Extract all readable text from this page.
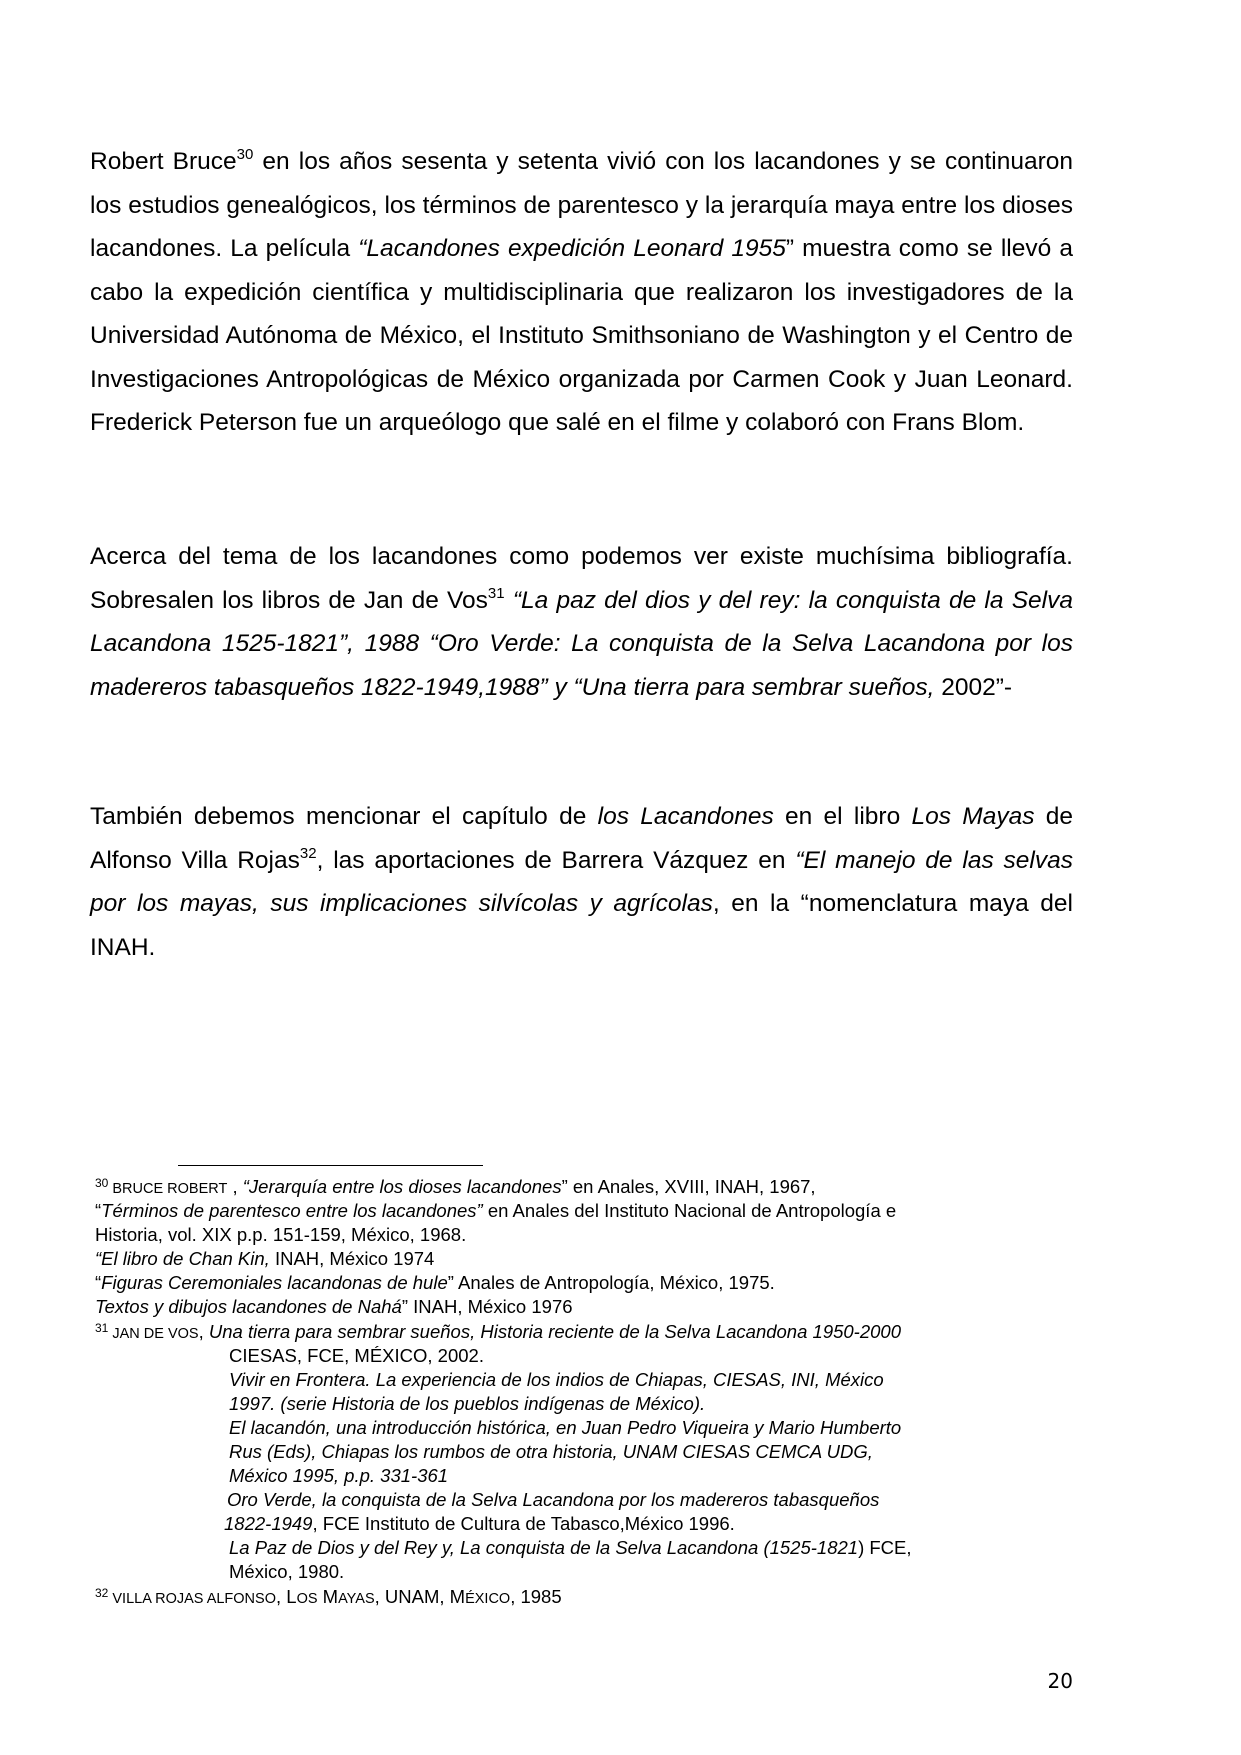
Robert Bruce$^{30}$ en los años sesenta y setenta vivió con los lacandones y se continuaron los estudios genealógicos, los términos de parentesco y la jerarquía maya entre los dioses lacandones. La película “Lacandones expedición Leonard 1955” muestra como se llevó a cabo la expedición científica y multidisciplinaria que realizaron los investigadores de la Universidad Autónoma de México, el Instituto Smithsoniano de Washington y el Centro de Investigaciones Antropológicas de México organizada por Carmen Cook y Juan Leonard. Frederick Peterson fue un arqueólogo que salé en el filme y colaboró con Frans Blom.

Acerca del tema de los lacandones como podemos ver existe muchísima bibliografía. Sobresalen los libros de Jan de Vos$^{31}$ “La paz del dios y del rey: la conquista de la Selva Lacandona 1525-1821”, 1988 “Oro Verde: La conquista de la Selva Lacandona por los madereros tabasqueños 1822-1949,1988” y “Una tierra para sembrar sueños, 2002”-

También debemos mencionar el capítulo de los Lacandones en el libro Los Mayas de Alfonso Villa Rojas$^{32}$, las aportaciones de Barrera Vázquez en “El manejo de las selvas por los mayas, sus implicaciones silvícolas y agrícolas, en la “nomenclatura maya del INAH.

$^{30}$ BRUCE ROBERT , “Jerarquía entre los dioses lacandones” en Anales, XVIII, INAH, 1967,

“Términos de parentesco entre los lacandones” en Anales del Instituto Nacional de Antropología e

Historia, vol. XIX p.p. 151-159, México, 1968.

“El libro de Chan Kin, INAH, México 1974

“Figuras Ceremoniales lacandonas de hule” Anales de Antropología, México, 1975.

Textos y dibujos lacandones de Nahá” INAH, México 1976

$^{31}$ JAN DE VOS, Una tierra para sembrar sueños, Historia reciente de la Selva Lacandona 1950-2000

CIESAS, FCE, MÉXICO, 2002.

Vivir en Frontera. La experiencia de los indios de Chiapas, CIESAS, INI, México

1997. (serie Historia de los pueblos indígenas de México).

El lacandón, una introducción histórica, en Juan Pedro Viqueira y Mario Humberto

Rus (Eds), Chiapas los rumbos de otra historia, UNAM CIESAS CEMCA UDG,

México 1995, p.p. 331-361

Oro Verde, la conquista de la Selva Lacandona por los madereros tabasqueños

1822-1949, FCE Instituto de Cultura de Tabasco,México 1996.

La Paz de Dios y del Rey y, La conquista de la Selva Lacandona (1525-1821) FCE,

México, 1980.

$^{32}$ VILLA ROJAS ALFONSO, LOS MAYAS, UNAM, MÉXICO, 1985

20
